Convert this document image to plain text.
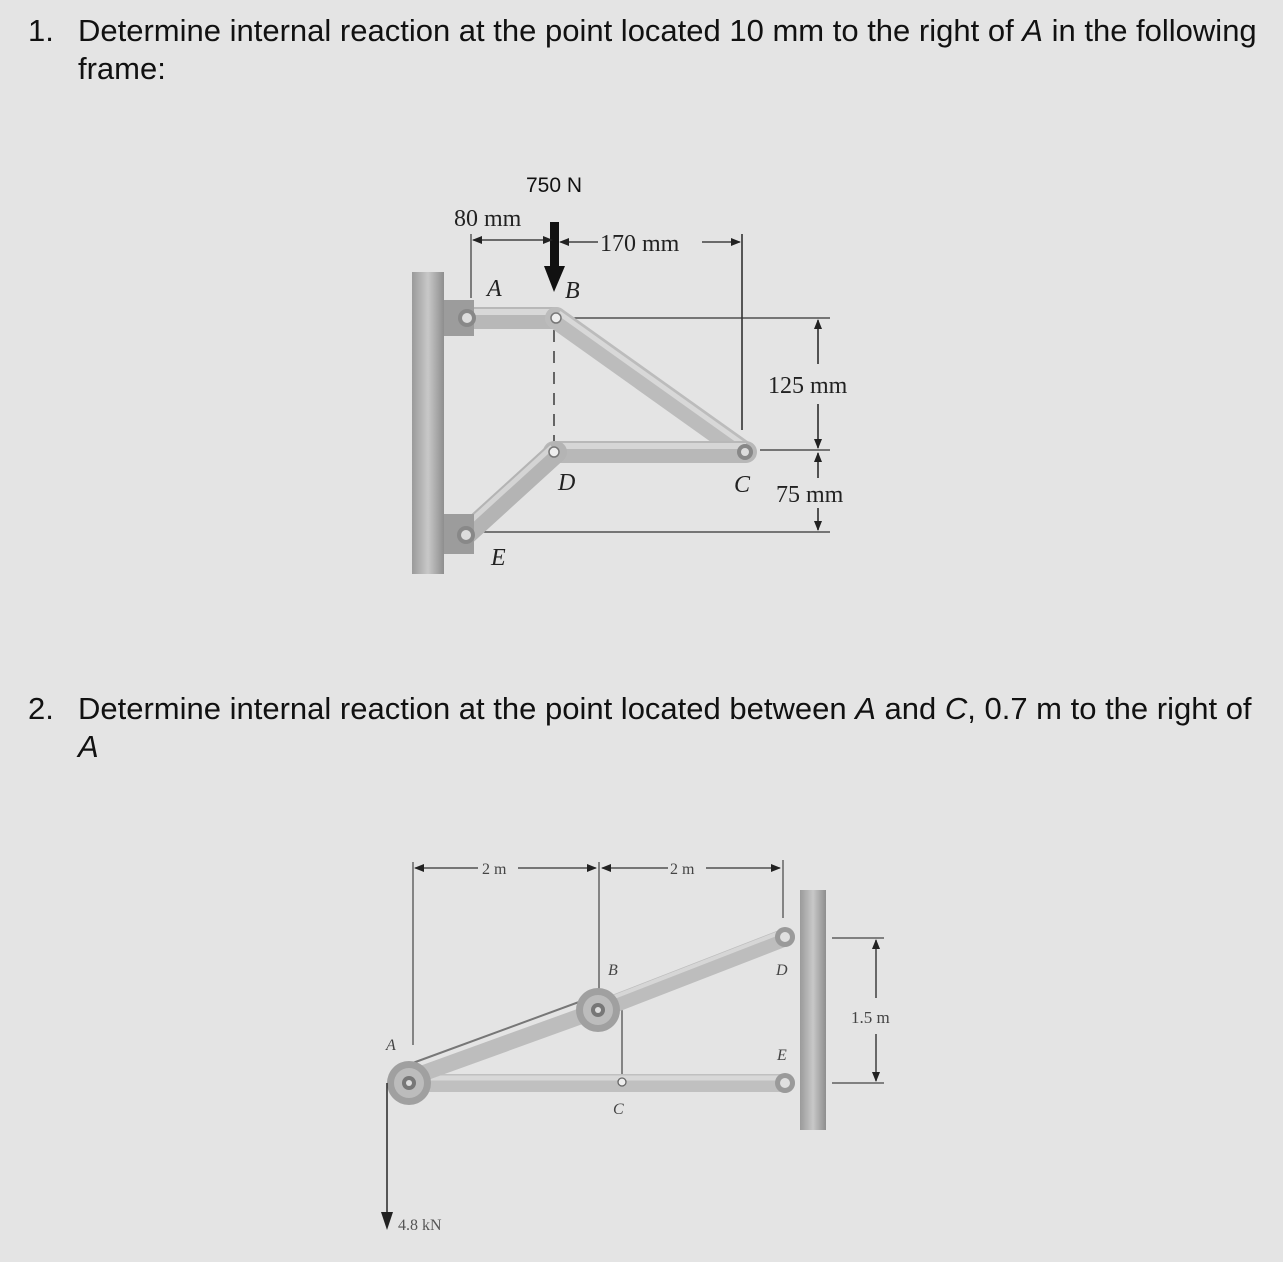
1. Determine internal reaction at the point located 10 mm to the right of A in the following frame:
2. Determine internal reaction at the point located between A and C, 0.7 m to the right of A
80 mm
170 mm
750 N
125 mm
75 mm
A	B
C
D
E
2 m	2 m
1.5 m
A
B
C
D
E
4.8 kN
